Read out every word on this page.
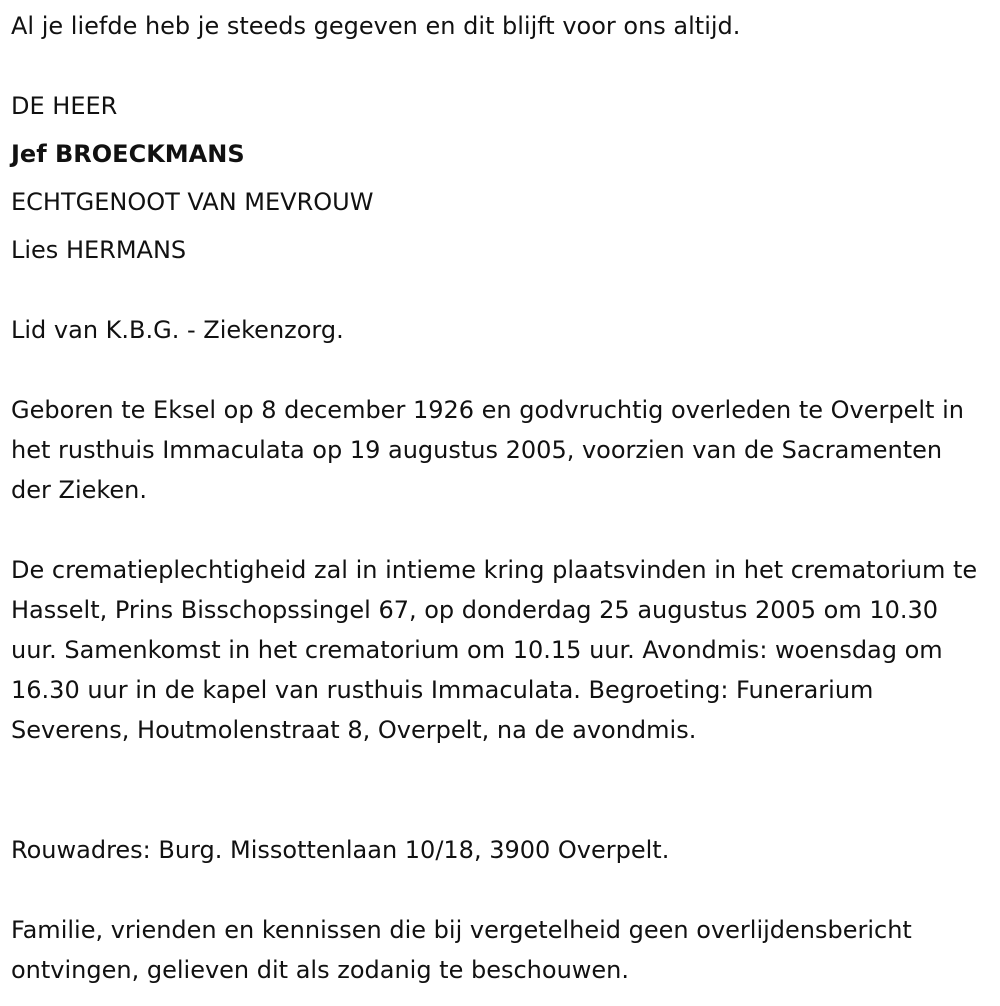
Al je liefde heb je steeds gegeven en dit blijft voor ons altijd.

DE HEER

Jef BROECKMANS

ECHTGENOOT VAN MEVROUW

Lies HERMANS

Lid van K.B.G. - Ziekenzorg.

Geboren te Eksel op 8 december 1926 en godvruchtig overleden te Overpelt in het rusthuis Immaculata op 19 augustus 2005, voorzien van de Sacramenten der Zieken.

De crematieplechtigheid zal in intieme kring plaatsvinden in het crematorium te Hasselt, Prins Bisschopssingel 67, op donderdag 25 augustus 2005 om 10.30 uur. Samenkomst in het crematorium om 10.15 uur. Avondmis: woensdag om 16.30 uur in de kapel van rusthuis Immaculata. Begroeting: Funerarium Severens, Houtmolenstraat 8, Overpelt, na de avondmis.

Rouwadres: Burg. Missottenlaan 10/18, 3900 Overpelt.

Familie, vrienden en kennissen die bij vergetelheid geen overlijdensbericht ontvingen, gelieven dit als zodanig te beschouwen.
